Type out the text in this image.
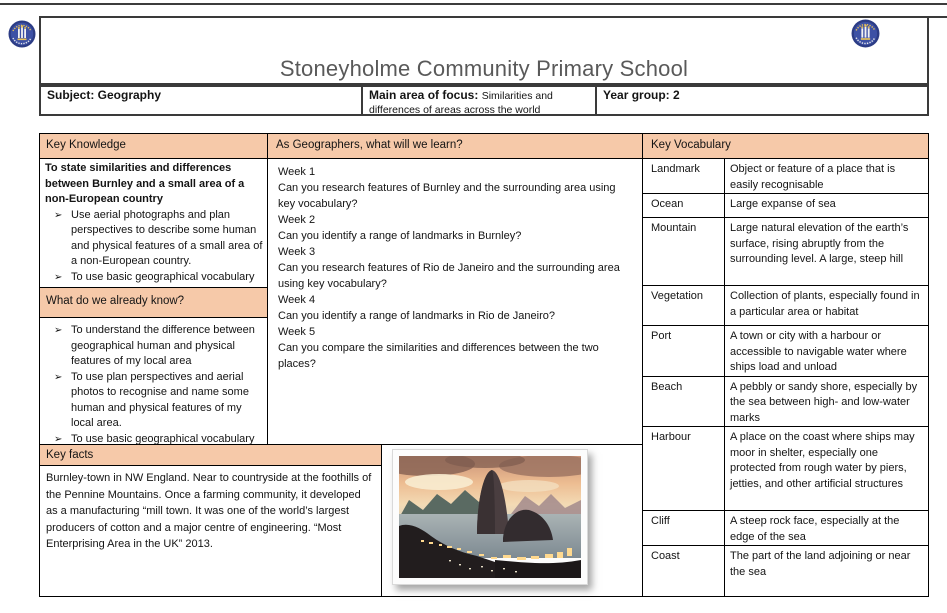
Stoneyholme Community Primary School
Subject: Geography	Main area of focus: Similarities and differences of areas across the world
Year group: 2
Key Knowledge
To state similarities and differences between Burnley and a small area of a non-European country
➢ Use aerial photographs and plan perspectives to describe some human and physical features of a small area of a non-European country.
➢ To use basic geographical vocabulary
What do we already know?
➢ To understand the difference between geographical human and physical features of my local area
➢ To use plan perspectives and aerial photos to recognise and name some human and physical features of my local area.
➢ To use basic geographical vocabulary
As Geographers, what will we learn?
Week 1
Can you research features of Burnley and the surrounding area using key vocabulary?
Week 2
Can you identify a range of landmarks in Burnley?
Week 3
Can you research features of Rio de Janeiro and the surrounding area using key vocabulary?
Week 4
Can you identify a range of landmarks in Rio de Janeiro?
Week 5
Can you compare the similarities and differences between the two places?
Key Vocabulary
Landmark	Object or feature of a place that is easily recognisable
Ocean	Large expanse of sea
Mountain	Large natural elevation of the earth’s surface, rising abruptly from the surrounding level. A large, steep hill
Vegetation	Collection of plants, especially found in a particular area or habitat
Port	A town or city with a harbour or accessible to navigable water where ships load and unload
Beach	A pebbly or sandy shore, especially by the sea between high- and low-water marks
Harbour	A place on the coast where ships may moor in shelter, especially one protected from rough water by piers, jetties, and other artificial structures
Cliff	A steep rock face, especially at the edge of the sea
Coast	The part of the land adjoining or near the sea
Key facts
Burnley-town in NW England. Near to countryside at the foothills of the Pennine Mountains. Once a farming community, it developed as a manufacturing “mill town. It was one of the world’s largest producers of cotton and a major centre of engineering. “Most Enterprising Area in the UK” 2013.
